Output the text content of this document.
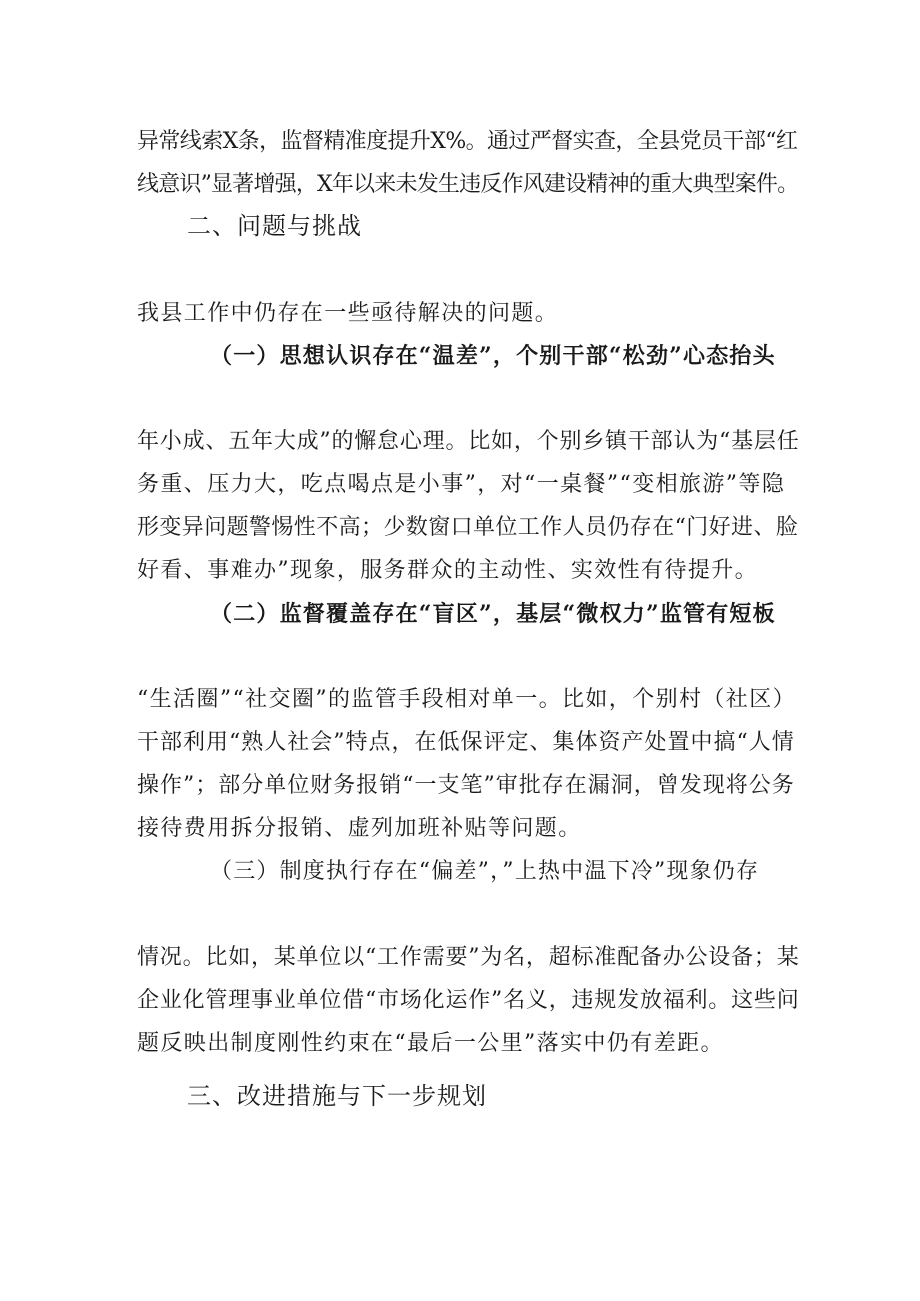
异常线索X条，监督精准度提升X%。通过严督实查，全县党员干部“红
线意识”显著增强，X年以来未发生违反作风建设精神的重大典型案件。
二、问题与挑战
我县工作中仍存在一些亟待解决的问题。
（一）思想认识存在“温差”，个别干部“松劲”心态抬头
年小成、五年大成”的懈怠心理。比如，个别乡镇干部认为“基层任
务重、压力大，吃点喝点是小事”，对“一桌餐”“变相旅游”等隐
形变异问题警惕性不高；少数窗口单位工作人员仍存在“门好进、脸
好看、事难办”现象，服务群众的主动性、实效性有待提升。
（二）监督覆盖存在“盲区”，基层“微权力”监管有短板
“生活圈”“社交圈”的监管手段相对单一。比如，个别村（社区）
干部利用“熟人社会”特点，在低保评定、集体资产处置中搞“人情
操作”；部分单位财务报销“一支笔”审批存在漏洞，曾发现将公务
接待费用拆分报销、虚列加班补贴等问题。
（三）制度执行存在“偏差”，”上热中温下冷”现象仍存
情况。比如，某单位以“工作需要”为名，超标准配备办公设备；某
企业化管理事业单位借“市场化运作”名义，违规发放福利。这些问
题反映出制度刚性约束在“最后一公里”落实中仍有差距。
三、改进措施与下一步规划
